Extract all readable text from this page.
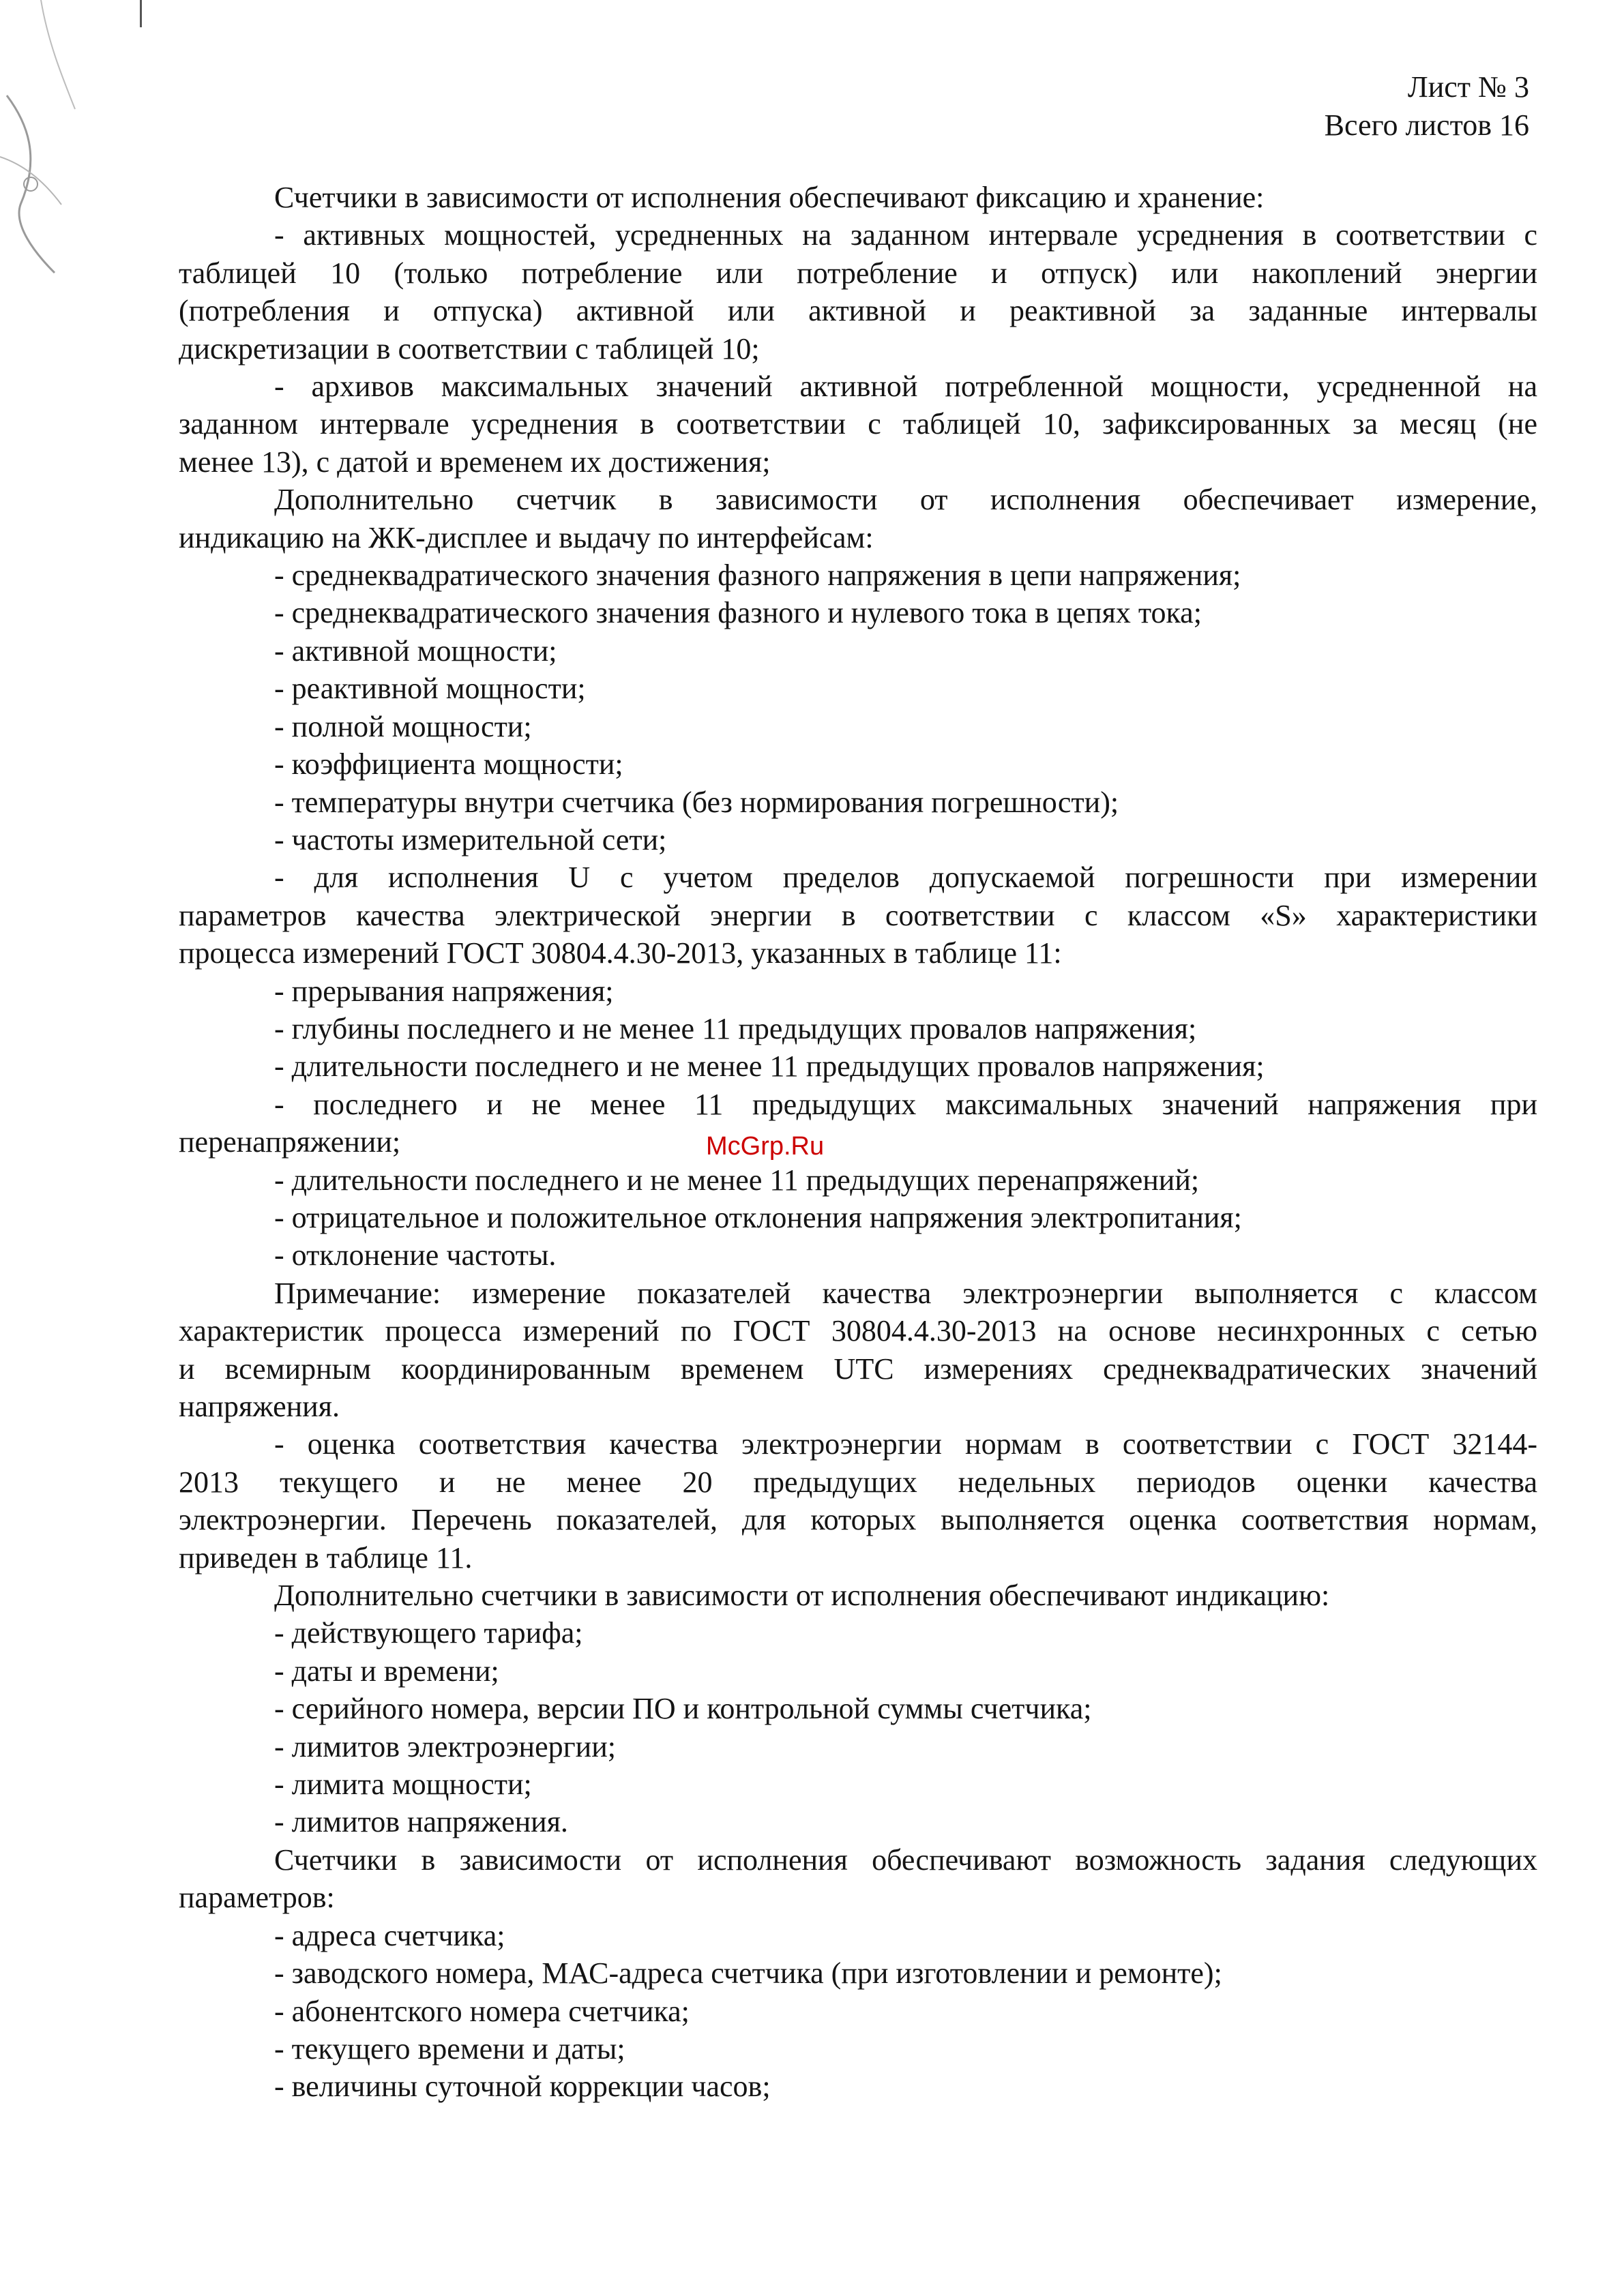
Лист № 3
Всего листов 16
Счетчики в зависимости от исполнения обеспечивают фиксацию и хранение:
- активных мощностей, усредненных на заданном интервале усреднения в соответствии с
таблицей 10 (только потребление или потребление и отпуск) или накоплений энергии
(потребления и отпуска) активной или активной и реактивной за заданные интервалы
дискретизации в соответствии с таблицей 10;
- архивов максимальных значений активной потребленной мощности, усредненной на
заданном интервале усреднения в соответствии с таблицей 10, зафиксированных за месяц (не
менее 13), с датой и временем их достижения;
Дополнительно счетчик в зависимости от исполнения обеспечивает измерение,
индикацию на ЖК-дисплее и выдачу по интерфейсам:
- среднеквадратического значения фазного напряжения в цепи напряжения;
- среднеквадратического значения фазного и нулевого тока в цепях тока;
- активной мощности;
- реактивной мощности;
- полной мощности;
- коэффициента мощности;
- температуры внутри счетчика (без нормирования погрешности);
- частоты измерительной сети;
- для исполнения U с учетом пределов допускаемой погрешности при измерении
параметров качества электрической энергии в соответствии с классом «S» характеристики
процесса измерений ГОСТ 30804.4.30-2013, указанных в таблице 11:
- прерывания напряжения;
- глубины последнего и не менее 11 предыдущих провалов напряжения;
- длительности последнего и не менее 11 предыдущих провалов напряжения;
- последнего и не менее 11 предыдущих максимальных значений напряжения при
перенапряжении;
- длительности последнего и не менее 11 предыдущих перенапряжений;
- отрицательное и положительное отклонения напряжения электропитания;
- отклонение частоты.
Примечание: измерение показателей качества электроэнергии выполняется с классом
характеристик процесса измерений по ГОСТ 30804.4.30-2013 на основе несинхронных с сетью
и всемирным координированным временем UTC измерениях среднеквадратических значений
напряжения.
- оценка соответствия качества электроэнергии нормам в соответствии с ГОСТ 32144-
2013 текущего и не менее 20 предыдущих недельных периодов оценки качества
электроэнергии. Перечень показателей, для которых выполняется оценка соответствия нормам,
приведен в таблице 11.
Дополнительно счетчики в зависимости от исполнения обеспечивают индикацию:
- действующего тарифа;
- даты и времени;
- серийного номера, версии ПО и контрольной суммы счетчика;
- лимитов электроэнергии;
- лимита мощности;
- лимитов напряжения.
Счетчики в зависимости от исполнения обеспечивают возможность задания следующих
параметров:
- адреса счетчика;
- заводского номера, МАС-адреса счетчика (при изготовлении и ремонте);
- абонентского номера счетчика;
- текущего времени и даты;
- величины суточной коррекции часов;
McGrp.Ru
